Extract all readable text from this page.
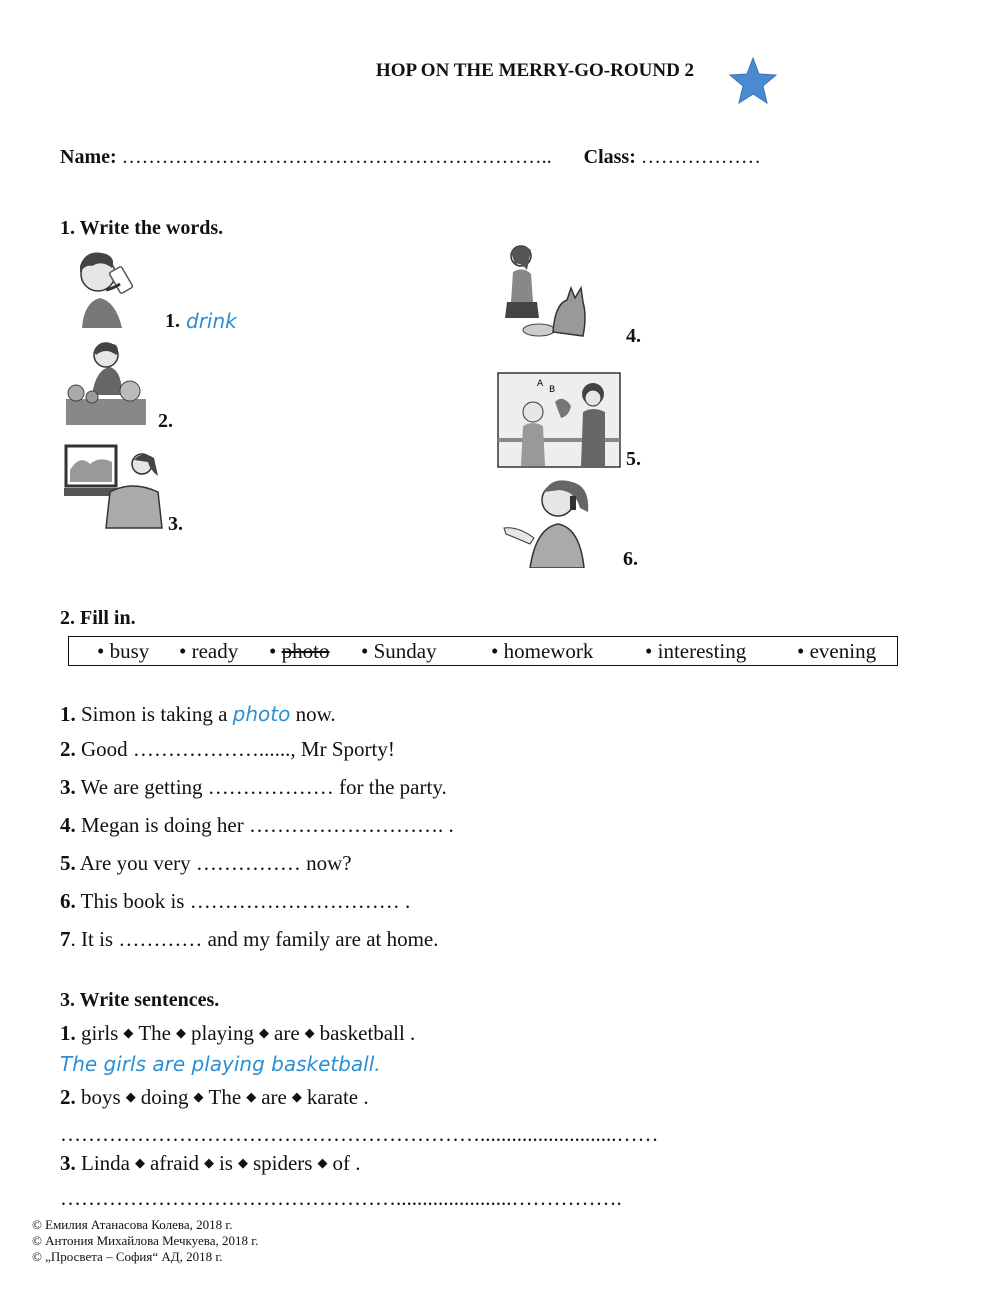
HOP ON THE MERRY-GO-ROUND 2
Name: ……………………………………………………….. Class: ………………
1. Write the words.
1. drink
2.
3.
4.
A
B
5.
6.
2. Fill in.
• busy • ready • photo • Sunday	• homework • interesting • evening
1. Simon is taking a photo now.
2. Good ………………......, Mr Sporty!
3. We are getting ……………… for the party.
4. Megan is doing her ………………………. .
5. Are you very …………… now?
6. This book is ………………………… .
7. It is ………… and my family are at home.
3. Write sentences.
1. girls ◆ The ◆ playing ◆ are ◆ basketball .
The girls are playing basketball.
2. boys ◆ doing ◆ The ◆ are ◆ karate .
……………………………………………………..........................……
3. Linda ◆ afraid ◆ is ◆ spiders ◆ of .
…………………………………………......................…………….
© Емилия Атанасова Колева, 2018 г.
© Антония Михайлова Мечкуева, 2018 г.
© „Просвета – София“ АД, 2018 г.
